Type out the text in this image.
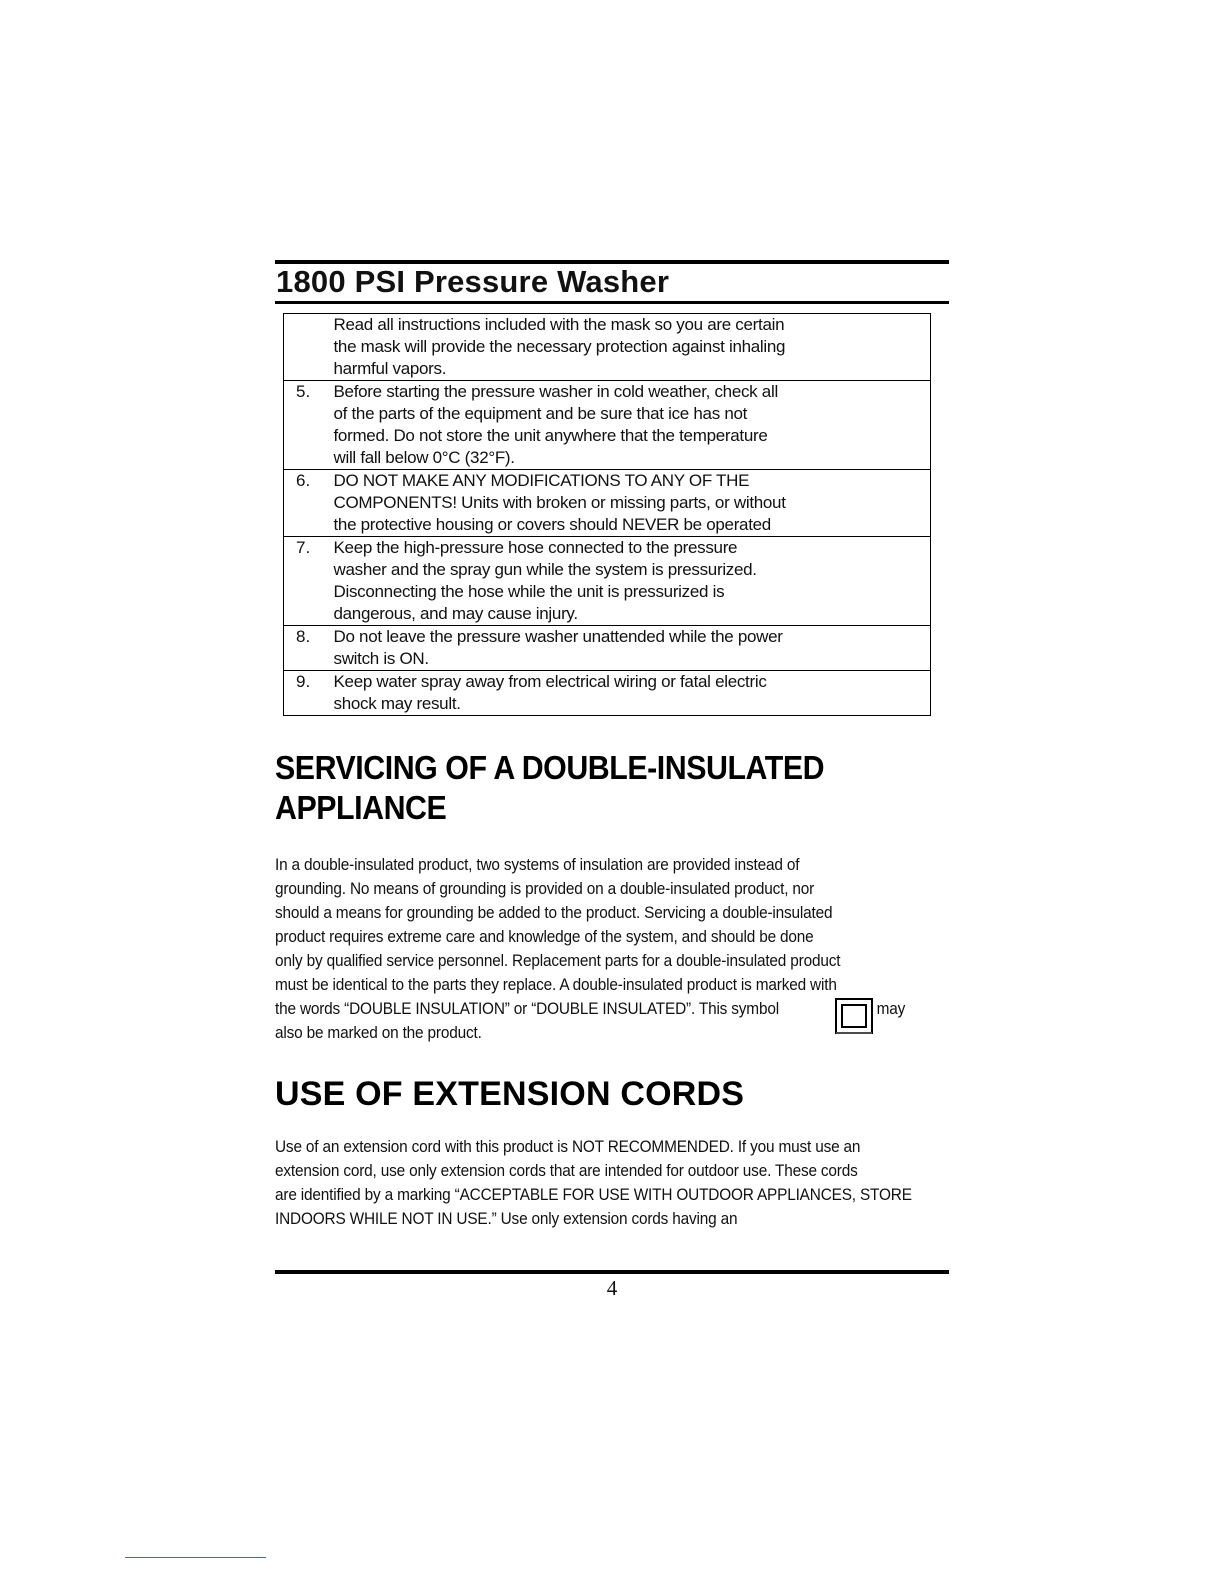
1800 PSI Pressure Washer

	Read all instructions included with the mask so you are certain
the mask will provide the necessary protection against inhaling
harmful vapors.

5.	Before starting the pressure washer in cold weather, check all
of the parts of the equipment and be sure that ice has not
formed. Do not store the unit anywhere that the temperature
will fall below 0°C (32°F).

6.	DO NOT MAKE ANY MODIFICATIONS TO ANY OF THE
COMPONENTS! Units with broken or missing parts, or without
the protective housing or covers should NEVER be operated

7.	Keep the high-pressure hose connected to the pressure
washer and the spray gun while the system is pressurized.
Disconnecting the hose while the unit is pressurized is
dangerous, and may cause injury.

8.	Do not leave the pressure washer unattended while the power
switch is ON.

9.	Keep water spray away from electrical wiring or fatal electric
shock may result.
SERVICING OF A DOUBLE-INSULATED
APPLIANCE
In a double-insulated product, two systems of insulation are provided instead of
grounding. No means of grounding is provided on a double-insulated product, nor
should a means for grounding be added to the product. Servicing a double-insulated
product requires extreme care and knowledge of the system, and should be done
only by qualified service personnel. Replacement parts for a double-insulated product
must be identical to the parts they replace. A double-insulated product is marked with
the words “DOUBLE INSULATION” or “DOUBLE INSULATED”. This symbol	may
also be marked on the product.
USE OF EXTENSION CORDS
Use of an extension cord with this product is NOT RECOMMENDED. If you must use an
extension cord, use only extension cords that are intended for outdoor use. These cords
are identified by a marking “ACCEPTABLE FOR USE WITH OUTDOOR APPLIANCES, STORE
INDOORS WHILE NOT IN USE.” Use only extension cords having an
4
